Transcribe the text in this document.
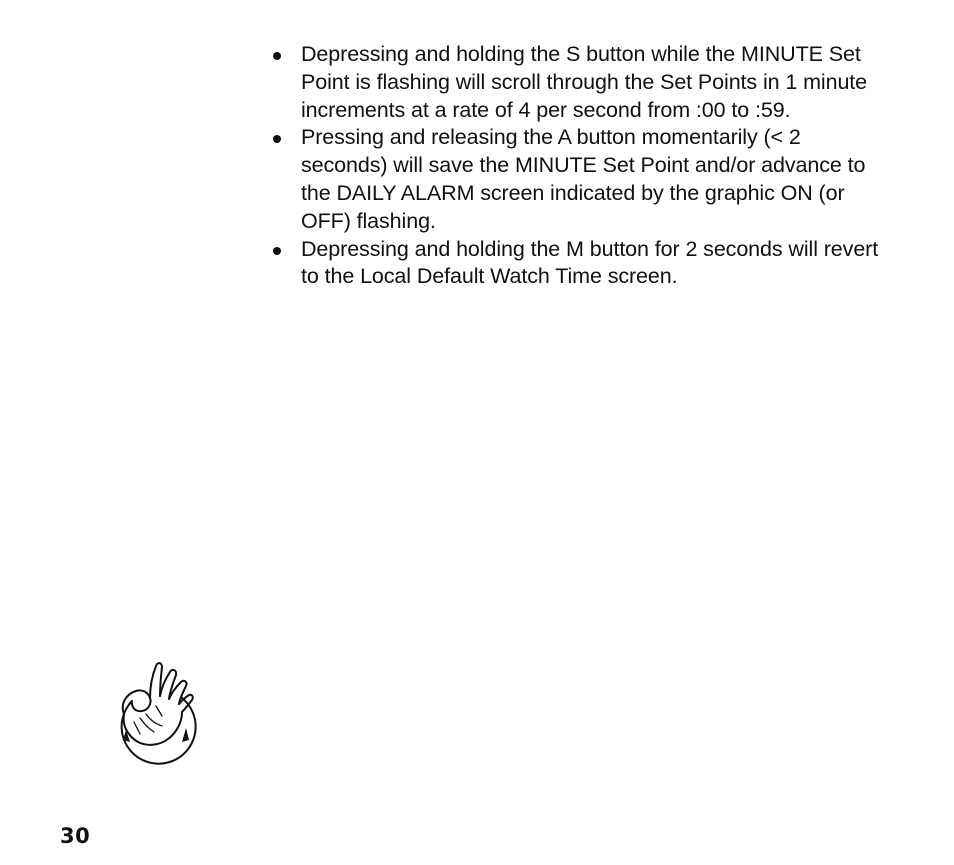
Depressing and holding the S button while the MINUTE Set Point is flashing will scroll through the Set Points in 1 minute increments at a rate of 4 per second from :00 to :59.
Pressing and releasing the A button momentarily (< 2 seconds) will save the MINUTE Set Point and/or advance to the DAILY ALARM screen indicated by the graphic ON (or OFF) flashing.
Depressing and holding the M button for 2 seconds will revert to the Local Default Watch Time screen.
30
